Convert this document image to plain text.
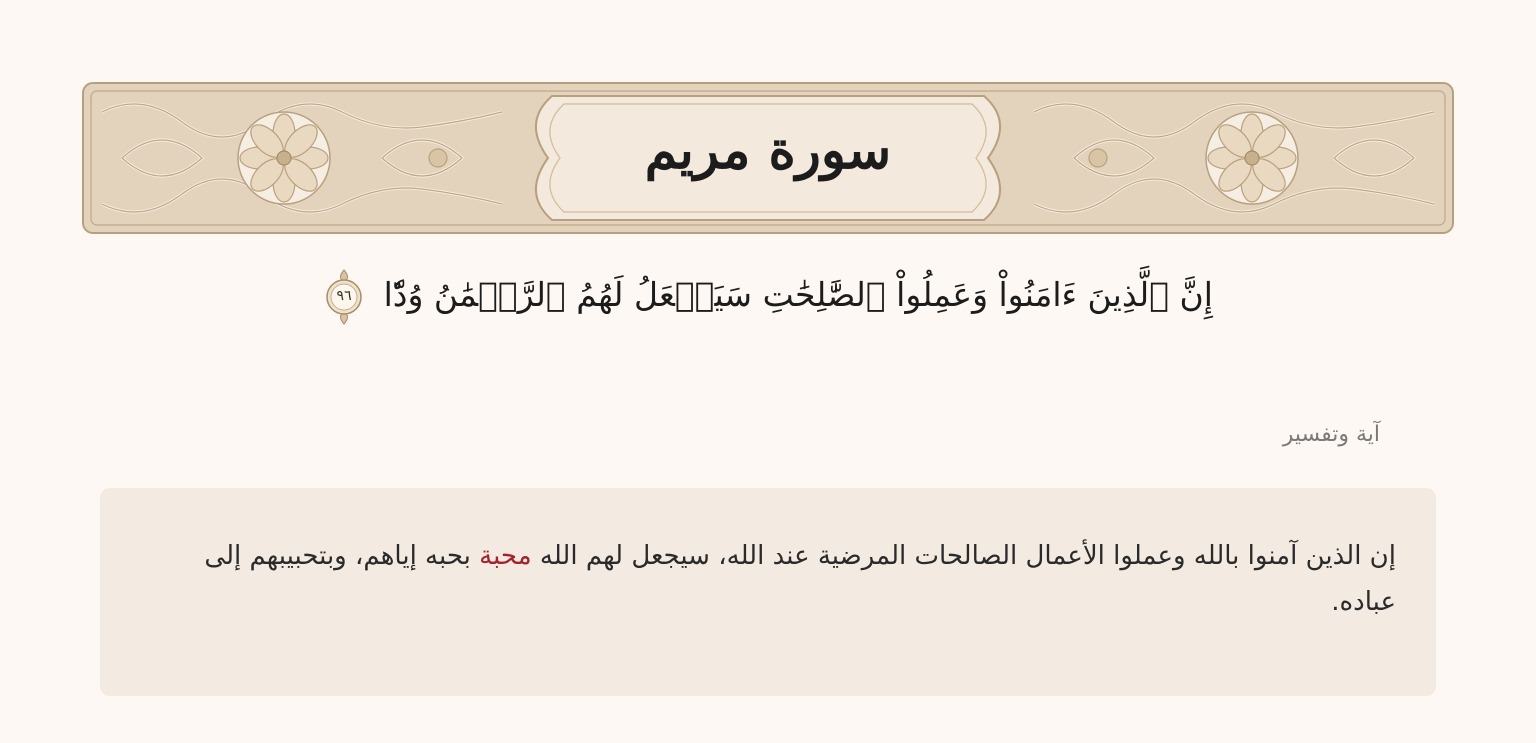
سورة مريم
إِنَّ ٱلَّذِينَ ءَامَنُواْ وَعَمِلُواْ ٱلصَّٰلِحَٰتِ سَيَجۡعَلُ لَهُمُ ٱلرَّحۡمَٰنُ وُدّٗا
٩٦
آية وتفسير
إن الذين آمنوا بالله وعملوا الأعمال الصالحات المرضية عند الله، سيجعل لهم الله محبة بحبه إياهم، وبتحبيبهم إلى عباده.
